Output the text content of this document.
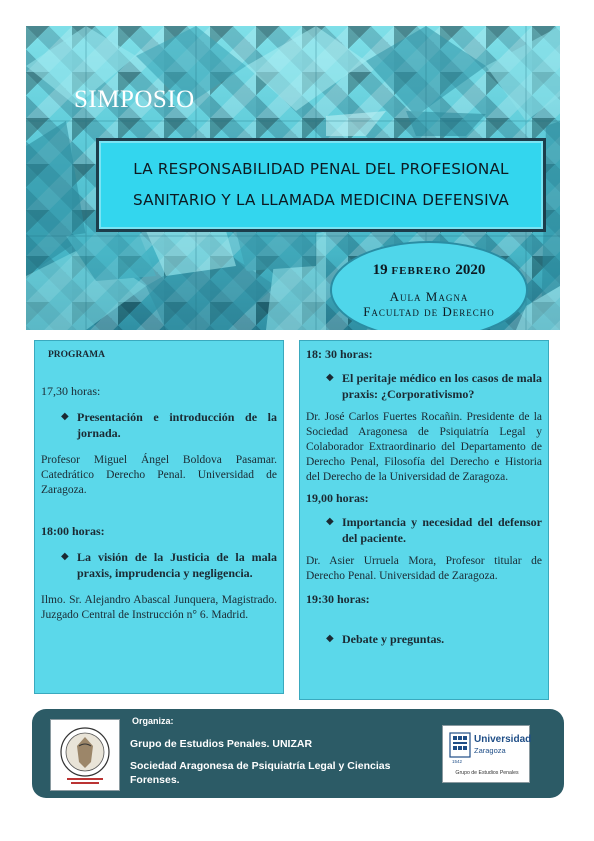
SIMPOSIO
LA RESPONSABILIDAD PENAL DEL PROFESIONAL
SANITARIO Y LA LLAMADA MEDICINA DEFENSIVA
19 febrero 2020
Aula Magna
Facultad de Derecho
PROGRAMA
17,30 horas:
◆ Presentación e introducción de la jornada.
Profesor Miguel Ángel Boldova Pasamar. Catedrático Derecho Penal. Universidad de Zaragoza.
18:00 horas:
◆ La visión de la Justicia de la mala praxis, imprudencia y negligencia.
Ilmo. Sr. Alejandro Abascal Junquera, Magistrado. Juzgado Central de Instrucción n° 6. Madrid.
18: 30 horas:
◆ El peritaje médico en los casos de mala praxis: ¿Corporativismo?
Dr. José Carlos Fuertes Rocañin. Presidente de la Sociedad Aragonesa de Psiquiatría Legal y Colaborador Extraordinario del Departamento de Derecho Penal, Filosofía del Derecho e Historia del Derecho de la Universidad de Zaragoza.
19,00 horas:
◆ Importancia y necesidad del defensor del paciente.
Dr. Asier Urruela Mora, Profesor titular de Derecho Penal. Universidad de Zaragoza.
19:30 horas:
◆ Debate y preguntas.
Organiza:
Grupo de Estudios Penales. UNIZAR
Sociedad Aragonesa de Psiquiatría Legal y Ciencias Forenses.
Universidad
Zaragoza
1542
Grupo de Estudios Penales
